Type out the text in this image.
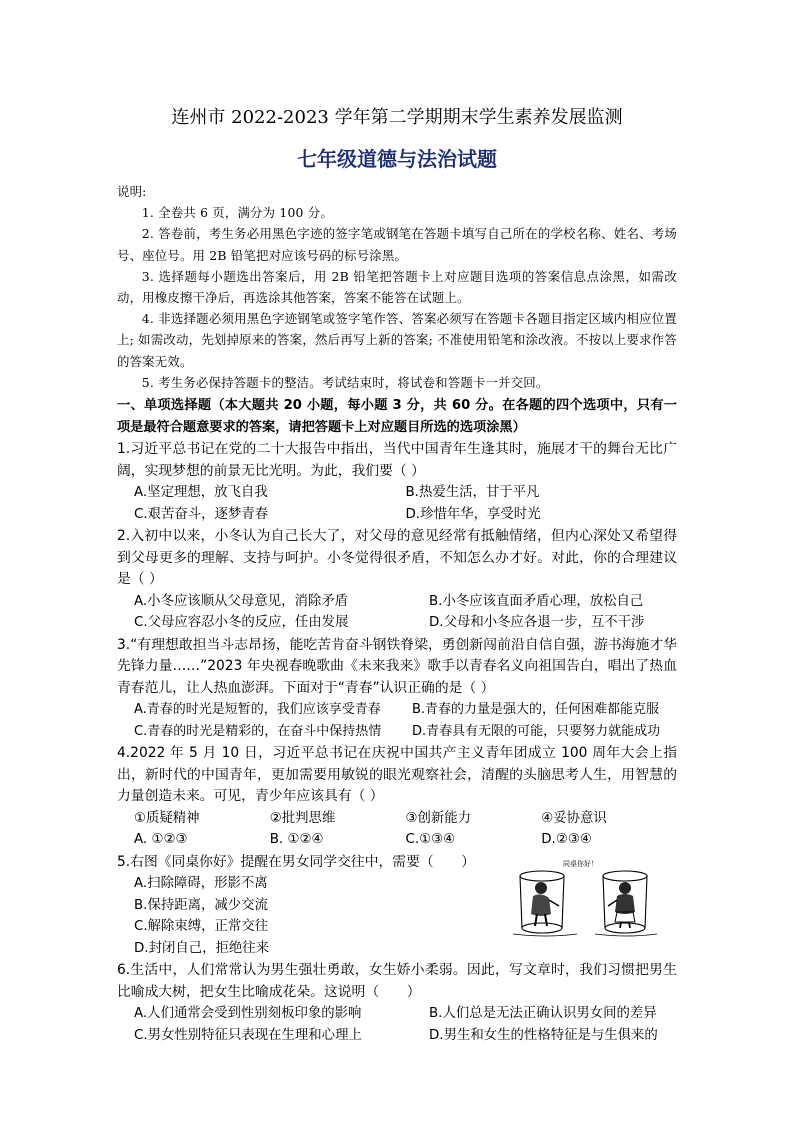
连州市 2022-2023 学年第二学期期末学生素养发展监测
七年级道德与法治试题

说明:

1. 全卷共 6 页，满分为 100 分。

2. 答卷前，考生务必用黑色字迹的签字笔或钢笔在答题卡填写自己所在的学校名称、姓名、考场号、座位号。用 2B 铅笔把对应该号码的标号涂黑。

3. 选择题每小题选出答案后，用 2B 铅笔把答题卡上对应题目选项的答案信息点涂黑，如需改动，用橡皮擦干净后，再选涂其他答案，答案不能答在试题上。

4. 非选择题必须用黑色字迹钢笔或签字笔作答、答案必须写在答题卡各题目指定区域内相应位置上; 如需改动，先划掉原来的答案，然后再写上新的答案; 不准使用铅笔和涂改液。不按以上要求作答的答案无效。

5. 考生务必保持答题卡的整洁。考试结束时，将试卷和答题卡一并交回。

一、单项选择题（本大题共 20 小题，每小题 3 分，共 60 分。在各题的四个选项中，只有一项是最符合题意要求的答案，请把答题卡上对应题目所选的选项涂黑）

1.习近平总书记在党的二十大报告中指出，当代中国青年生逢其时，施展才干的舞台无比广阔，实现梦想的前景无比光明。为此，我们要（ ）

A.坚定理想，放飞自我	B.热爱生活，甘于平凡
C.艰苦奋斗，逐梦青春	D.珍惜年华，享受时光

2.入初中以来，小冬认为自己长大了，对父母的意见经常有抵触情绪，但内心深处又希望得到父母更多的理解、支持与呵护。小冬觉得很矛盾，不知怎么办才好。对此，你的合理建议是（ ）

A.小冬应该顺从父母意见，消除矛盾	B.小冬应该直面矛盾心理，放松自己
C.父母应容忍小冬的反应，任由发展	D.父母和小冬应各退一步，互不干涉

3.“有理想敢担当斗志昂扬，能吃苦肯奋斗钢铁脊梁，勇创新闯前沿自信自强，游书海施才华先锋力量……”2023 年央视春晚歌曲《未来我来》歌手以青春名义向祖国告白，唱出了热血青春范儿，让人热血澎湃。下面对于“青春”认识正确的是（ ）

A.青春的时光是短暂的，我们应该享受青春	B.青春的力量是强大的，任何困难都能克服
C.青春的时光是精彩的，在奋斗中保持热情	D.青春具有无限的可能，只要努力就能成功

4.2022 年 5 月 10 日，习近平总书记在庆祝中国共产主义青年团成立 100 周年大会上指出，新时代的中国青年，更加需要用敏锐的眼光观察社会，清醒的头脑思考人生，用智慧的力量创造未来。可见，青少年应该具有（ ）

①质疑精神	②批判思维	③创新能力	④妥协意识
A. ①②③	B. ①②④	C.①③④	D.②③④

5.右图《同桌你好》提醒在男女同学交往中，需要（　　）

A.扫除障碍，形影不离
B.保持距离，减少交流
C.解除束缚，正常交往
D.封闭自己，拒绝往来
同桌你好！

6.生活中，人们常常认为男生强壮勇敢，女生娇小柔弱。因此，写文章时，我们习惯把男生比喻成大树，把女生比喻成花朵。这说明（　　）

A.人们通常会受到性别刻板印象的影响	B.人们总是无法正确认识男女间的差异
C.男女性别特征只表现在生理和心理上	D.男生和女生的性格特征是与生俱来的
